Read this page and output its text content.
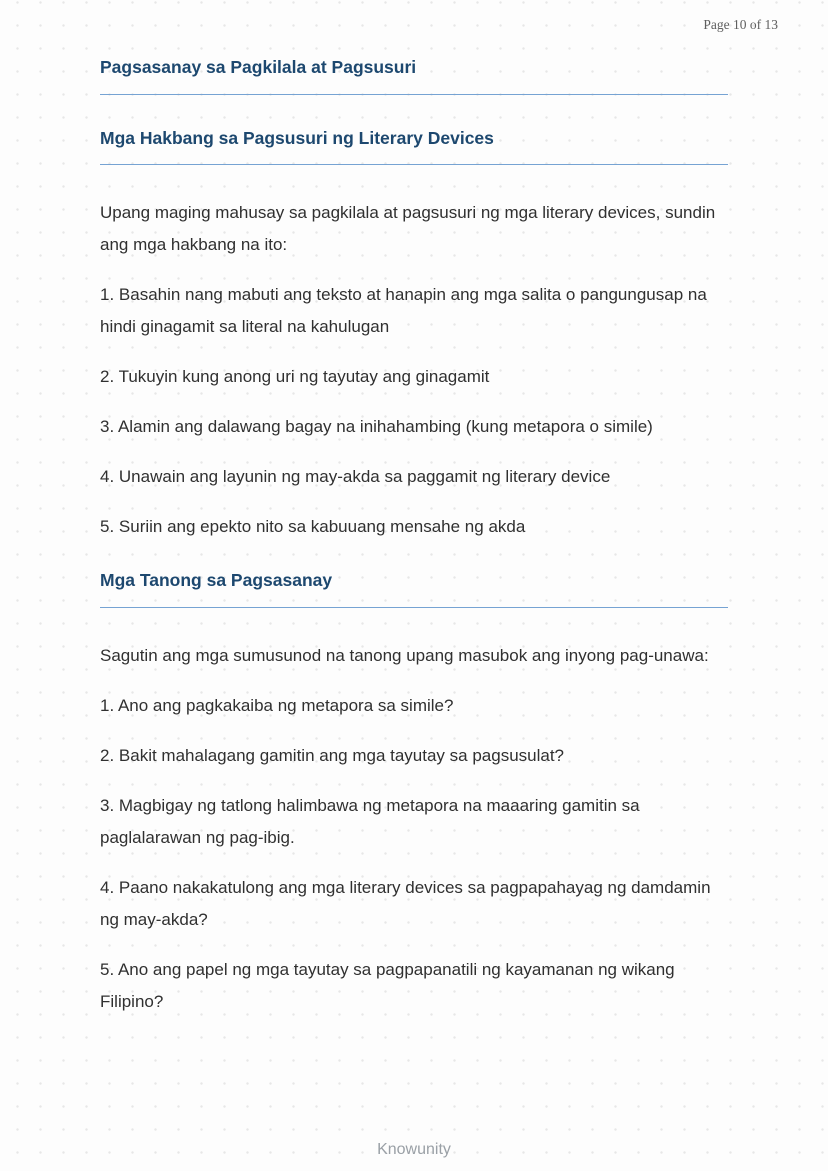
Page 10 of 13
Pagsasanay sa Pagkilala at Pagsusuri
Mga Hakbang sa Pagsusuri ng Literary Devices

Upang maging mahusay sa pagkilala at pagsusuri ng mga literary devices, sundin ang mga hakbang na ito:

1. Basahin nang mabuti ang teksto at hanapin ang mga salita o pangungusap na hindi ginagamit sa literal na kahulugan

2. Tukuyin kung anong uri ng tayutay ang ginagamit

3. Alamin ang dalawang bagay na inihahambing (kung metapora o simile)

4. Unawain ang layunin ng may-akda sa paggamit ng literary device

5. Suriin ang epekto nito sa kabuuang mensahe ng akda

Mga Tanong sa Pagsasanay

Sagutin ang mga sumusunod na tanong upang masubok ang inyong pag-unawa:

1. Ano ang pagkakaiba ng metapora sa simile?

2. Bakit mahalagang gamitin ang mga tayutay sa pagsusulat?

3. Magbigay ng tatlong halimbawa ng metapora na maaaring gamitin sa paglalarawan ng pag-ibig.

4. Paano nakakatulong ang mga literary devices sa pagpapahayag ng damdamin ng may-akda?

5. Ano ang papel ng mga tayutay sa pagpapanatili ng kayamanan ng wikang Filipino?

Knowunity
